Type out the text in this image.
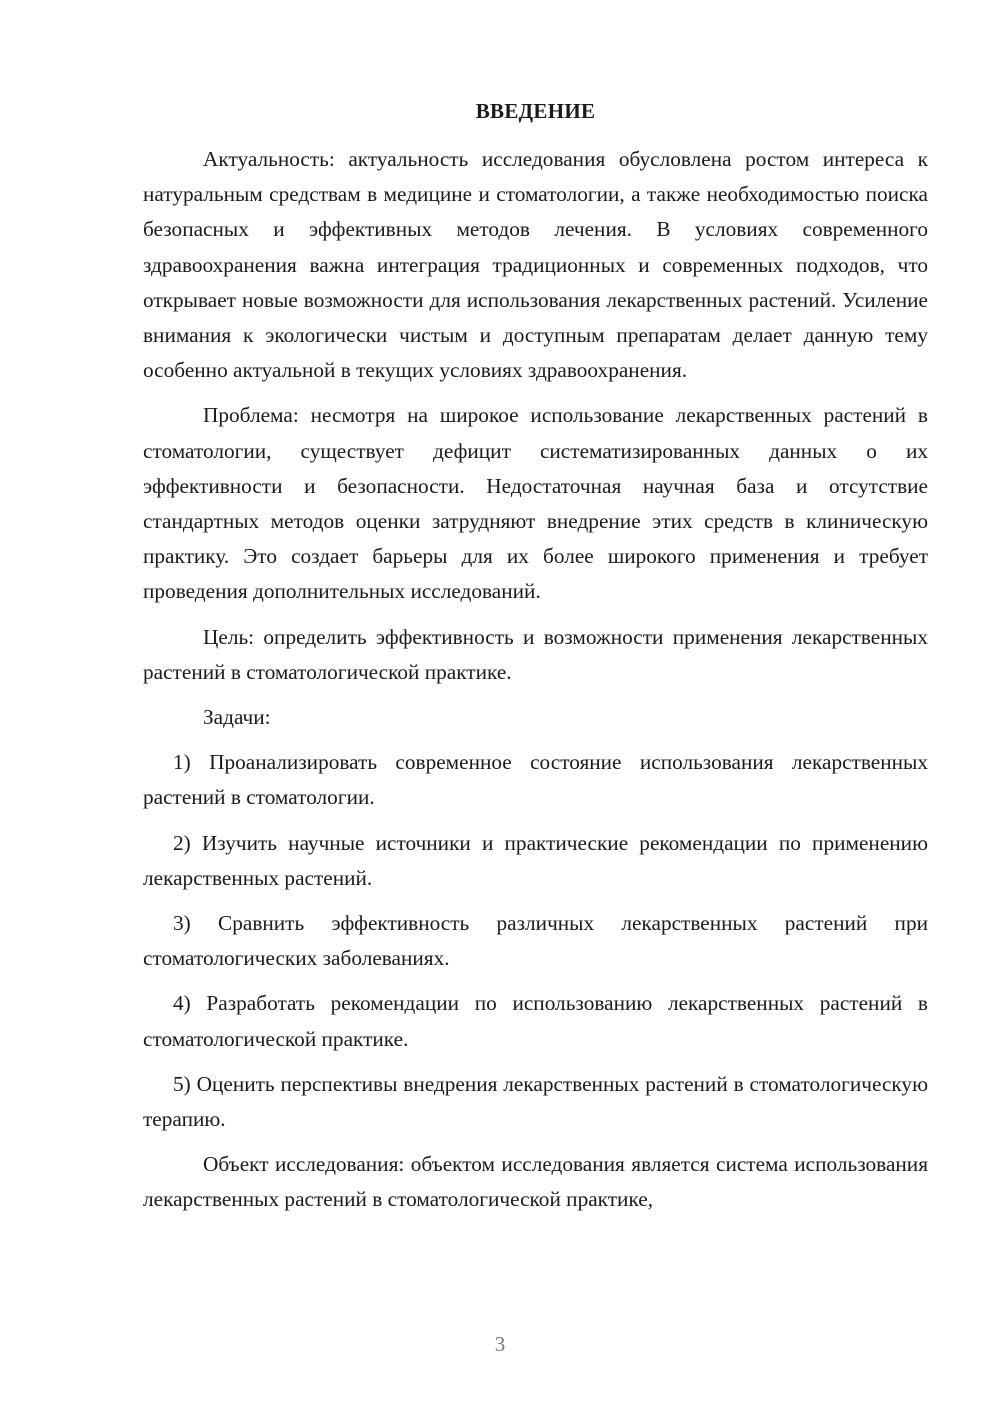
ВВЕДЕНИЕ

Актуальность: актуальность исследования обусловлена ростом интереса к натуральным средствам в медицине и стоматологии, а также необходимостью поиска безопасных и эффективных методов лечения. В условиях современного здравоохранения важна интеграция традиционных и современных подходов, что открывает новые возможности для использования лекарственных растений. Усиление внимания к экологически чистым и доступным препаратам делает данную тему особенно актуальной в текущих условиях здравоохранения.

Проблема: несмотря на широкое использование лекарственных растений в стоматологии, существует дефицит систематизированных данных о их эффективности и безопасности. Недостаточная научная база и отсутствие стандартных методов оценки затрудняют внедрение этих средств в клиническую практику. Это создает барьеры для их более широкого применения и требует проведения дополнительных исследований.

Цель: определить эффективность и возможности применения лекарственных растений в стоматологической практике.

Задачи:

1) Проанализировать современное состояние использования лекарственных растений в стоматологии.

2) Изучить научные источники и практические рекомендации по применению лекарственных растений.

3) Сравнить эффективность различных лекарственных растений при стоматологических заболеваниях.

4) Разработать рекомендации по использованию лекарственных растений в стоматологической практике.

5) Оценить перспективы внедрения лекарственных растений в стоматологическую терапию.

Объект исследования: объектом исследования является система использования лекарственных растений в стоматологической практике,

3
